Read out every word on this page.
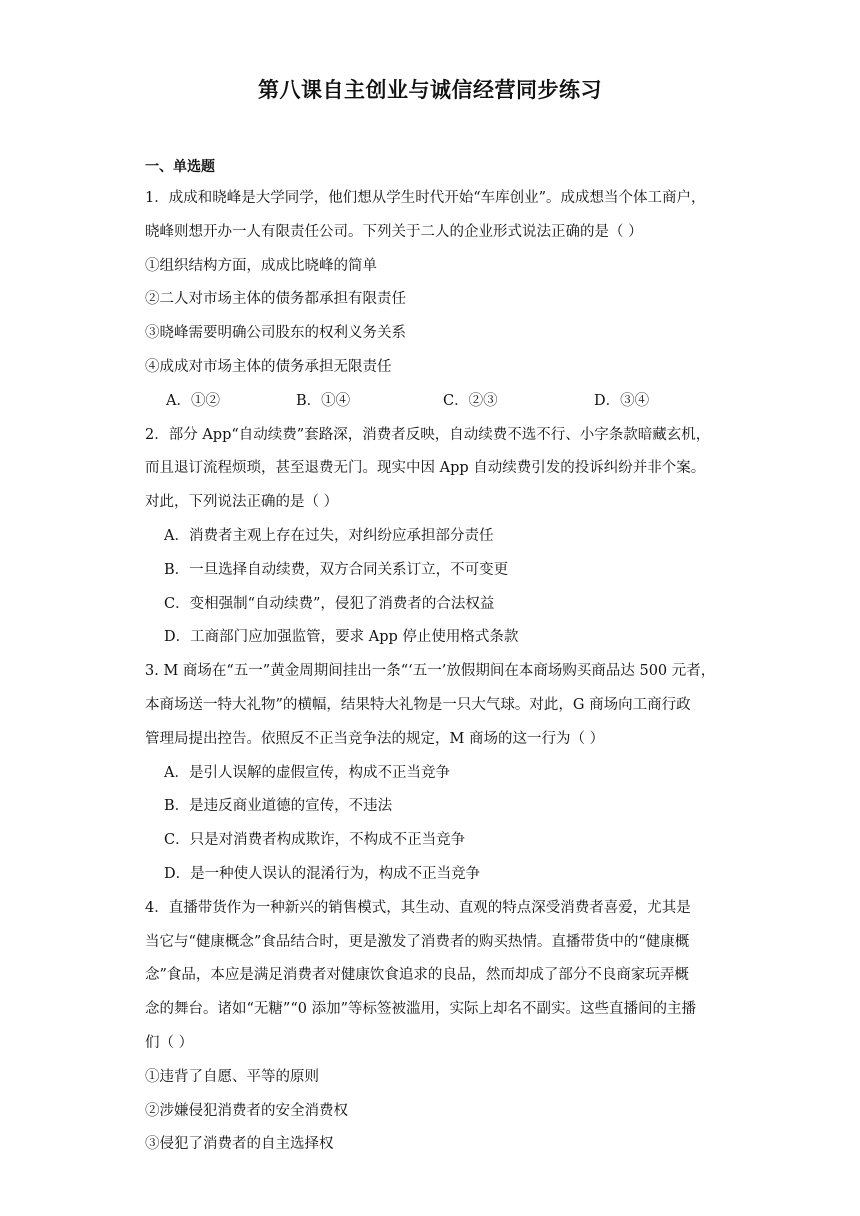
第八课自主创业与诚信经营同步练习
一、单选题
1．成成和晓峰是大学同学，他们想从学生时代开始“车库创业”。成成想当个体工商户，
晓峰则想开办一人有限责任公司。下列关于二人的企业形式说法正确的是（ ）
①组织结构方面，成成比晓峰的简单
②二人对市场主体的债务都承担有限责任
③晓峰需要明确公司股东的权利义务关系
④成成对市场主体的债务承担无限责任
A．①②	B．①④	C．②③	D．③④
2．部分 App“自动续费”套路深，消费者反映，自动续费不选不行、小字条款暗藏玄机，
而且退订流程烦琐，甚至退费无门。现实中因 App 自动续费引发的投诉纠纷并非个案。
对此，下列说法正确的是（ ）
A．消费者主观上存在过失，对纠纷应承担部分责任
B．一旦选择自动续费，双方合同关系订立，不可变更
C．变相强制“自动续费”，侵犯了消费者的合法权益
D．工商部门应加强监管，要求 App 停止使用格式条款
3. M 商场在“五一”黄金周期间挂出一条“‘五一’放假期间在本商场购买商品达 500 元者，
本商场送一特大礼物”的横幅，结果特大礼物是一只大气球。对此，G 商场向工商行政
管理局提出控告。依照反不正当竞争法的规定，M 商场的这一行为（ ）
A．是引人误解的虚假宣传，构成不正当竞争
B．是违反商业道德的宣传，不违法
C．只是对消费者构成欺诈，不构成不正当竞争
D．是一种使人误认的混淆行为，构成不正当竞争
4．直播带货作为一种新兴的销售模式，其生动、直观的特点深受消费者喜爱，尤其是
当它与“健康概念”食品结合时，更是激发了消费者的购买热情。直播带货中的“健康概
念”食品，本应是满足消费者对健康饮食追求的良品，然而却成了部分不良商家玩弄概
念的舞台。诸如“无糖”“0 添加”等标签被滥用，实际上却名不副实。这些直播间的主播
们（ ）
①违背了自愿、平等的原则
②涉嫌侵犯消费者的安全消费权
③侵犯了消费者的自主选择权
